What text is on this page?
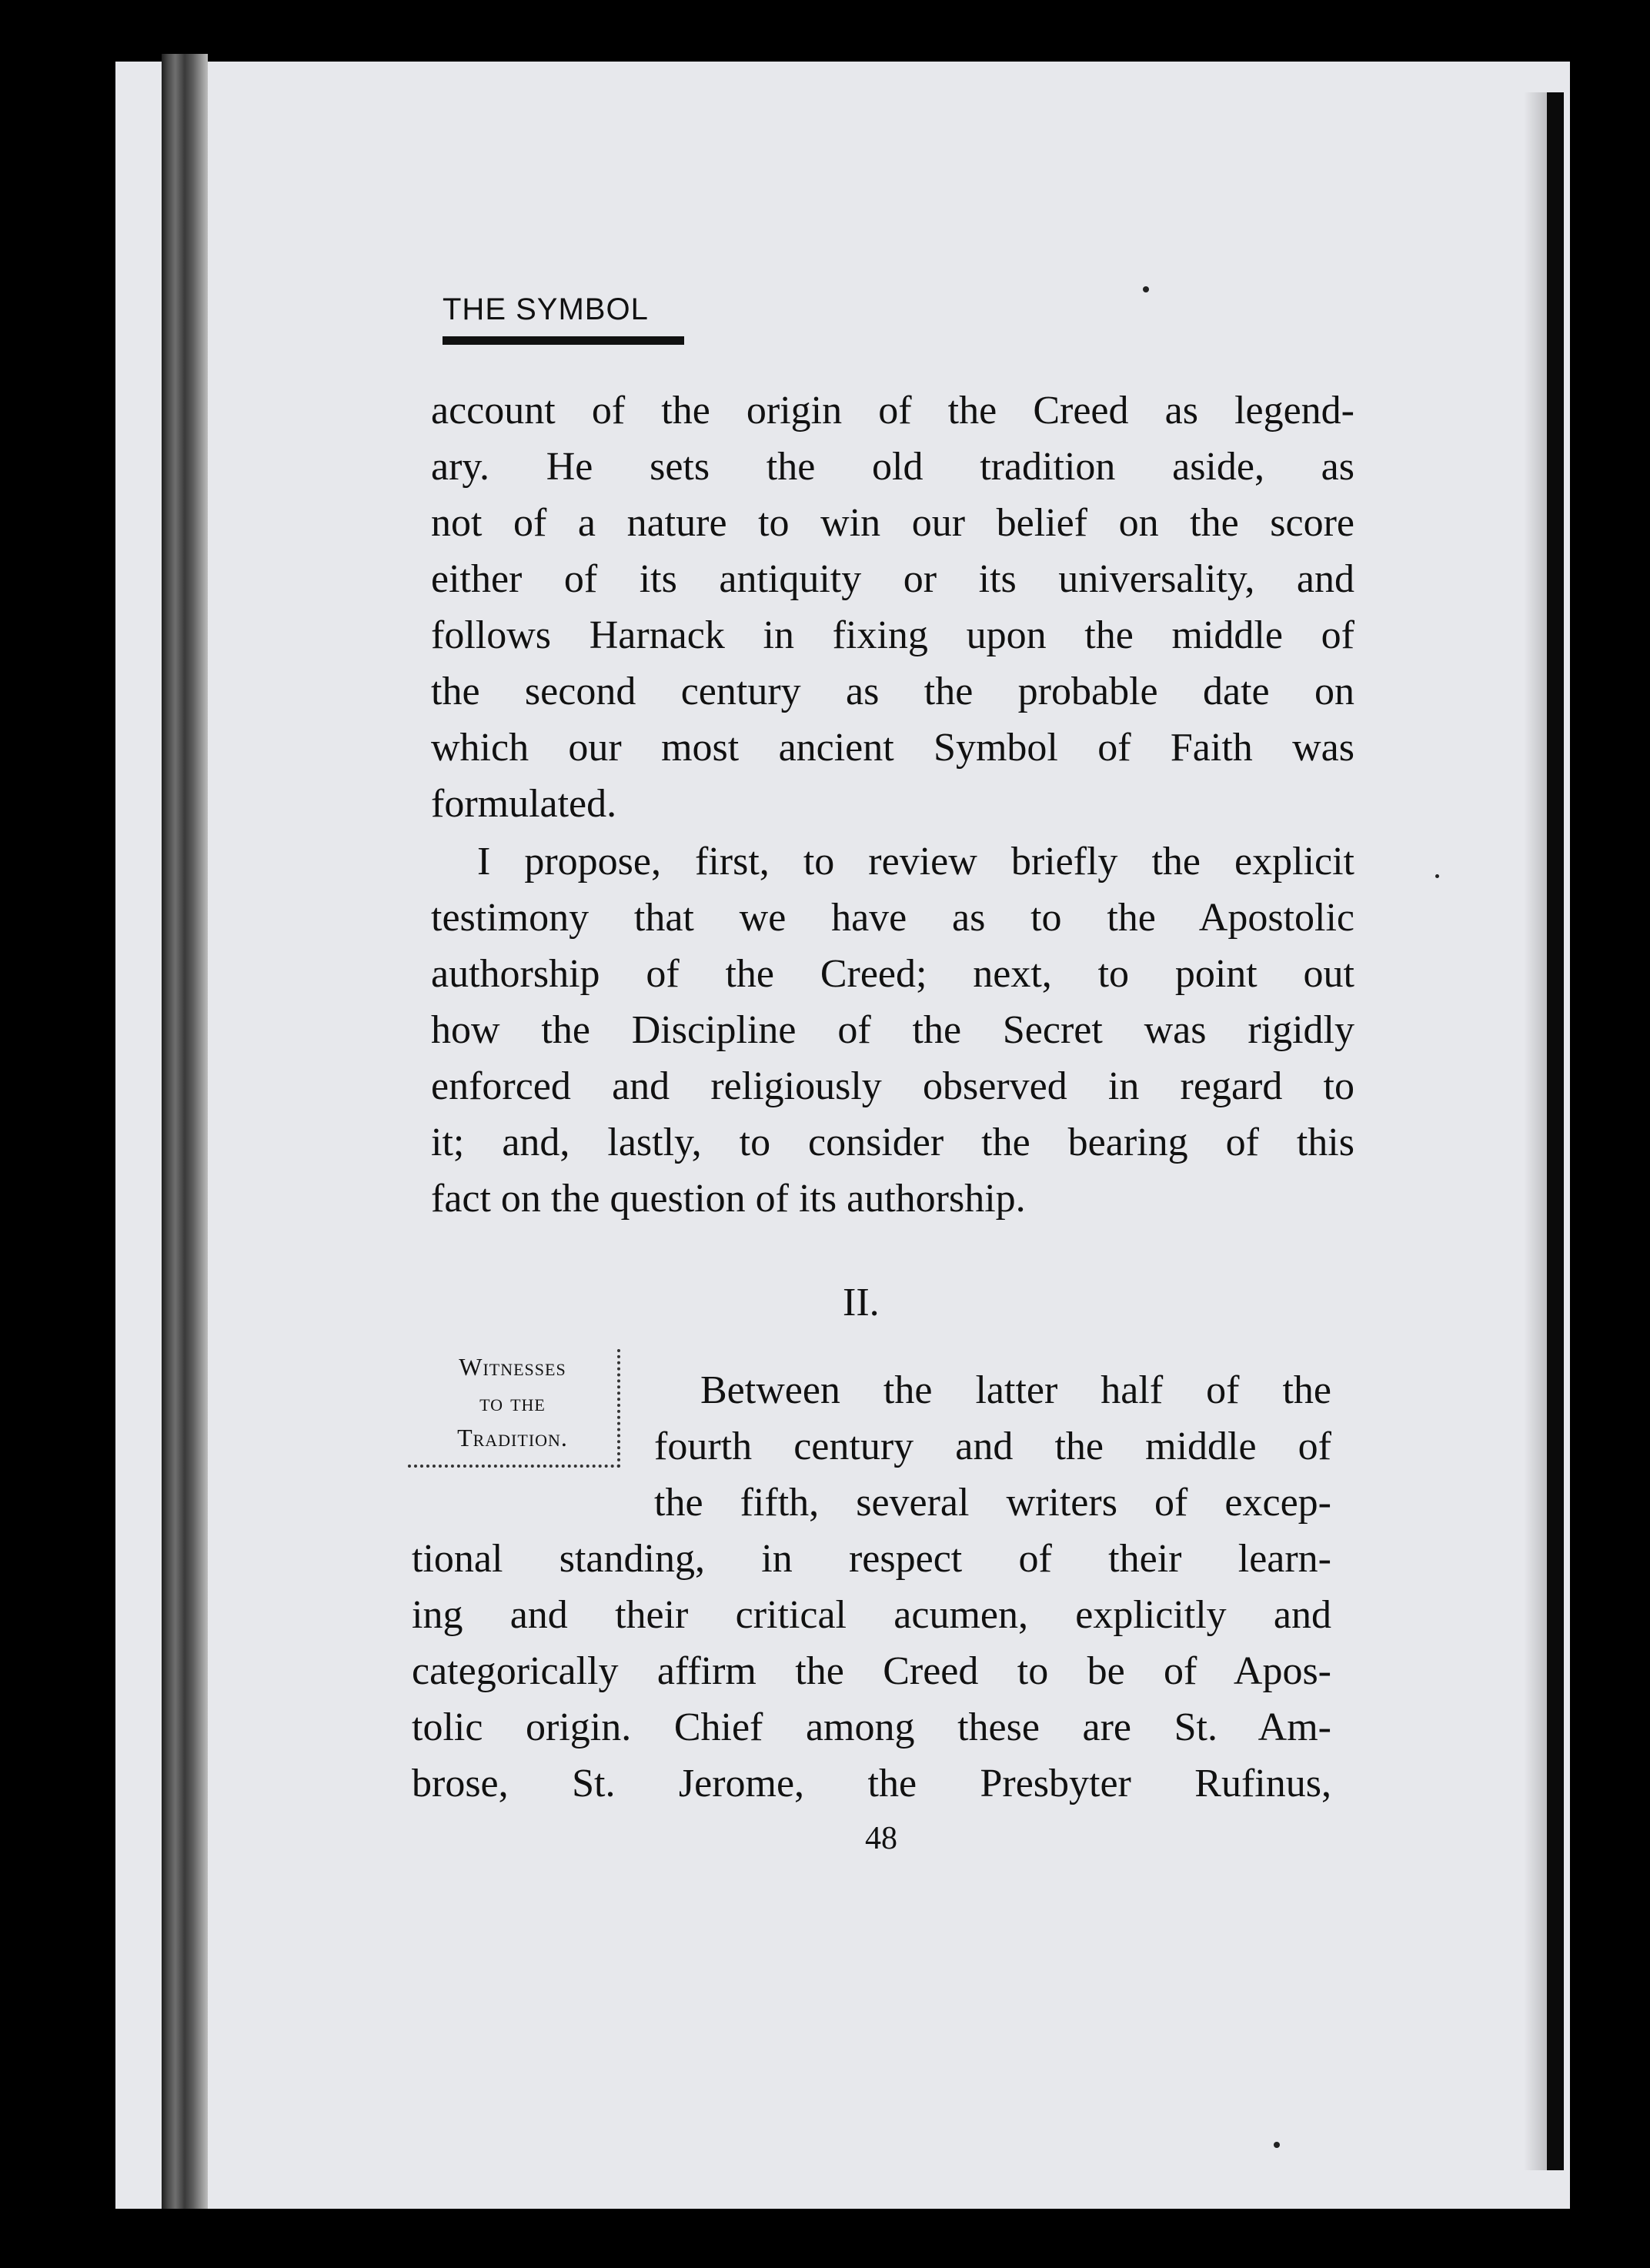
THE SYMBOL
account of the origin of the Creed as legend-
ary. He sets the old tradition aside, as
not of a nature to win our belief on the score
either of its antiquity or its universality, and
follows Harnack in fixing upon the middle of
the second century as the probable date on
which our most ancient Symbol of Faith was
formulated.
I propose, first, to review briefly the explicit
testimony that we have as to the Apostolic
authorship of the Creed; next, to point out
how the Discipline of the Secret was rigidly
enforced and religiously observed in regard to
it; and, lastly, to consider the bearing of this
fact on the question of its authorship.
II.
Witnesses
to the
Tradition.
Between the latter half of the
fourth century and the middle of
the fifth, several writers of excep-
tional standing, in respect of their learn-
ing and their critical acumen, explicitly and
categorically affirm the Creed to be of Apos-
tolic origin. Chief among these are St. Am-
brose, St. Jerome, the Presbyter Rufinus,
48
